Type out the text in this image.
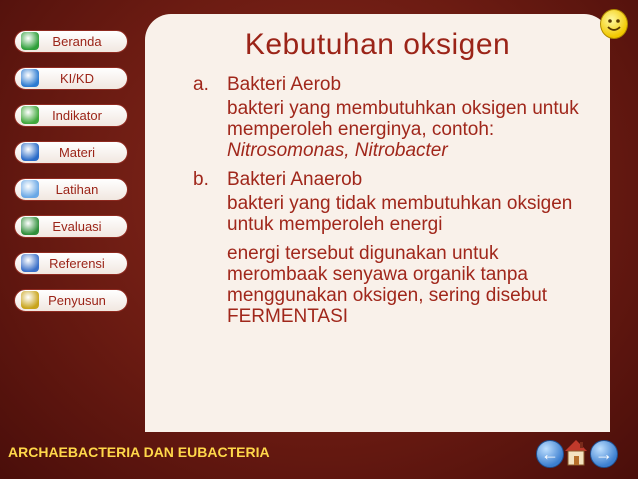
Beranda
KI/KD
Indikator
Materi
Latihan
Evaluasi
Referensi
Penyusun
Kebutuhan oksigen
a. Bakteri Aerob
bakteri yang membutuhkan oksigen untuk memperoleh energinya, contoh: Nitrosomonas, Nitrobacter
b. Bakteri Anaerob
bakteri yang tidak membutuhkan oksigen untuk memperoleh energi
energi tersebut digunakan untuk merombaak senyawa organik tanpa menggunakan oksigen, sering disebut FERMENTASI
ARCHAEBACTERIA DAN EUBACTERIA	← →
